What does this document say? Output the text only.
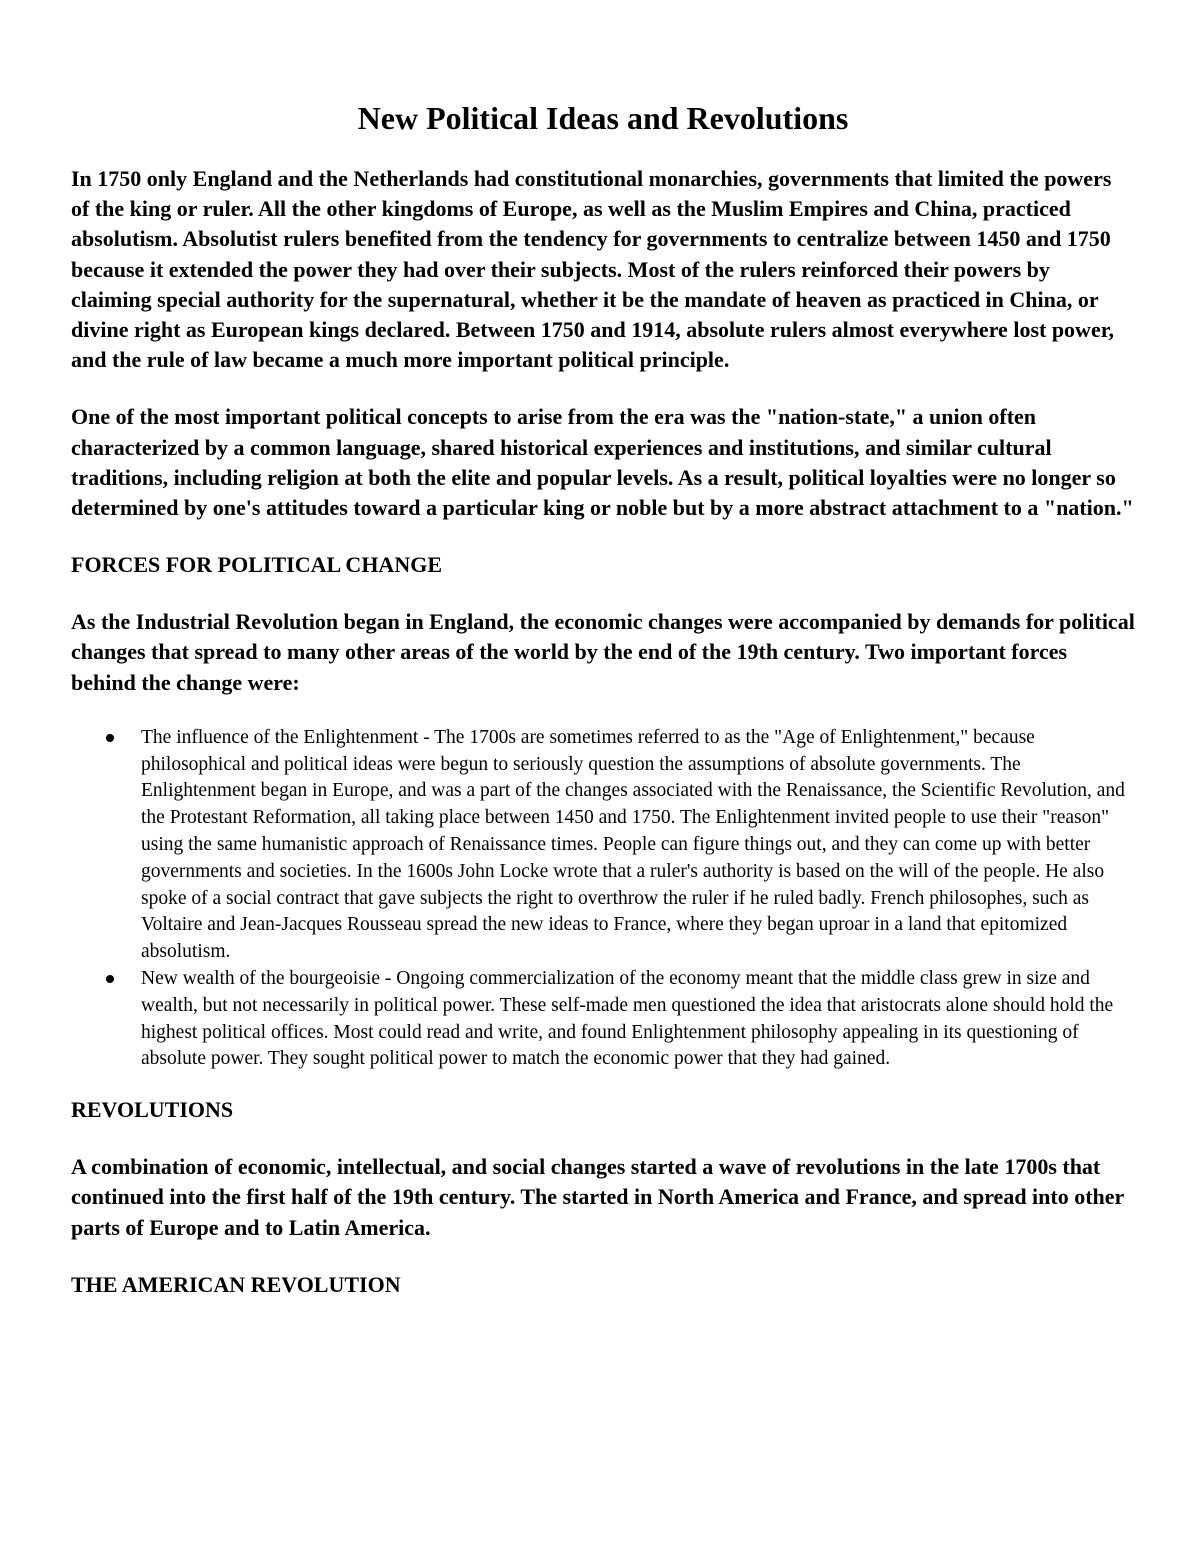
New Political Ideas and Revolutions

In 1750 only England and the Netherlands had constitutional monarchies, governments that limited the powers of the king or ruler. All the other kingdoms of Europe, as well as the Muslim Empires and China, practiced absolutism. Absolutist rulers benefited from the tendency for governments to centralize between 1450 and 1750 because it extended the power they had over their subjects. Most of the rulers reinforced their powers by claiming special authority for the supernatural, whether it be the mandate of heaven as practiced in China, or divine right as European kings declared. Between 1750 and 1914, absolute rulers almost everywhere lost power, and the rule of law became a much more important political principle.

One of the most important political concepts to arise from the era was the "nation-state," a union often characterized by a common language, shared historical experiences and institutions, and similar cultural traditions, including religion at both the elite and popular levels. As a result, political loyalties were no longer so determined by one's attitudes toward a particular king or noble but by a more abstract attachment to a "nation."

FORCES FOR POLITICAL CHANGE

As the Industrial Revolution began in England, the economic changes were accompanied by demands for political changes that spread to many other areas of the world by the end of the 19th century. Two important forces behind the change were:

The influence of the Enlightenment - The 1700s are sometimes referred to as the "Age of Enlightenment," because philosophical and political ideas were begun to seriously question the assumptions of absolute governments. The Enlightenment began in Europe, and was a part of the changes associated with the Renaissance, the Scientific Revolution, and the Protestant Reformation, all taking place between 1450 and 1750. The Enlightenment invited people to use their "reason" using the same humanistic approach of Renaissance times. People can figure things out, and they can come up with better governments and societies. In the 1600s John Locke wrote that a ruler's authority is based on the will of the people. He also spoke of a social contract that gave subjects the right to overthrow the ruler if he ruled badly. French philosophes, such as Voltaire and Jean-Jacques Rousseau spread the new ideas to France, where they began uproar in a land that epitomized absolutism.
New wealth of the bourgeoisie - Ongoing commercialization of the economy meant that the middle class grew in size and wealth, but not necessarily in political power. These self-made men questioned the idea that aristocrats alone should hold the highest political offices. Most could read and write, and found Enlightenment philosophy appealing in its questioning of absolute power. They sought political power to match the economic power that they had gained.

REVOLUTIONS

A combination of economic, intellectual, and social changes started a wave of revolutions in the late 1700s that continued into the first half of the 19th century. The started in North America and France, and spread into other parts of Europe and to Latin America.

THE AMERICAN REVOLUTION
